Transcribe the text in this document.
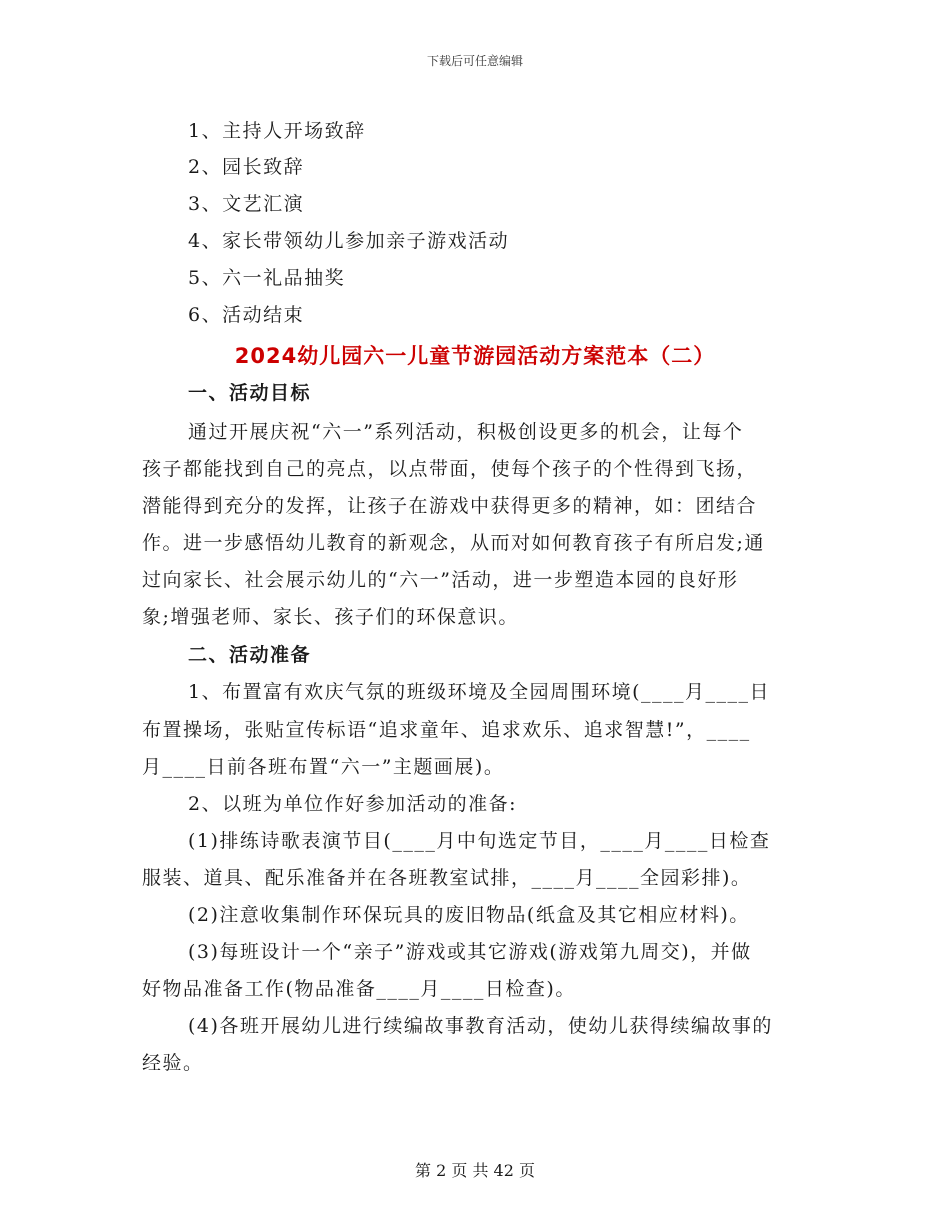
下载后可任意编辑
1、主持人开场致辞
2、园长致辞
3、文艺汇演
4、家长带领幼儿参加亲子游戏活动
5、六一礼品抽奖
6、活动结束
2024幼儿园六一儿童节游园活动方案范本（二）
一、活动目标
通过开展庆祝“六一”系列活动，积极创设更多的机会，让每个
孩子都能找到自己的亮点，以点带面，使每个孩子的个性得到飞扬，
潜能得到充分的发挥，让孩子在游戏中获得更多的精神，如：团结合
作。进一步感悟幼儿教育的新观念，从而对如何教育孩子有所启发;通
过向家长、社会展示幼儿的“六一”活动，进一步塑造本园的良好形
象;增强老师、家长、孩子们的环保意识。
二、活动准备
1、布置富有欢庆气氛的班级环境及全园周围环境(____月____日
布置操场，张贴宣传标语“追求童年、追求欢乐、追求智慧!”，____
月____日前各班布置“六一”主题画展)。
2、以班为单位作好参加活动的准备:
(1)排练诗歌表演节目(____月中旬选定节目，____月____日检查
服装、道具、配乐准备并在各班教室试排，____月____全园彩排)。
(2)注意收集制作环保玩具的废旧物品(纸盒及其它相应材料)。
(3)每班设计一个“亲子”游戏或其它游戏(游戏第九周交)，并做
好物品准备工作(物品准备____月____日检查)。
(4)各班开展幼儿进行续编故事教育活动，使幼儿获得续编故事的
经验。
第 2 页 共 42 页
